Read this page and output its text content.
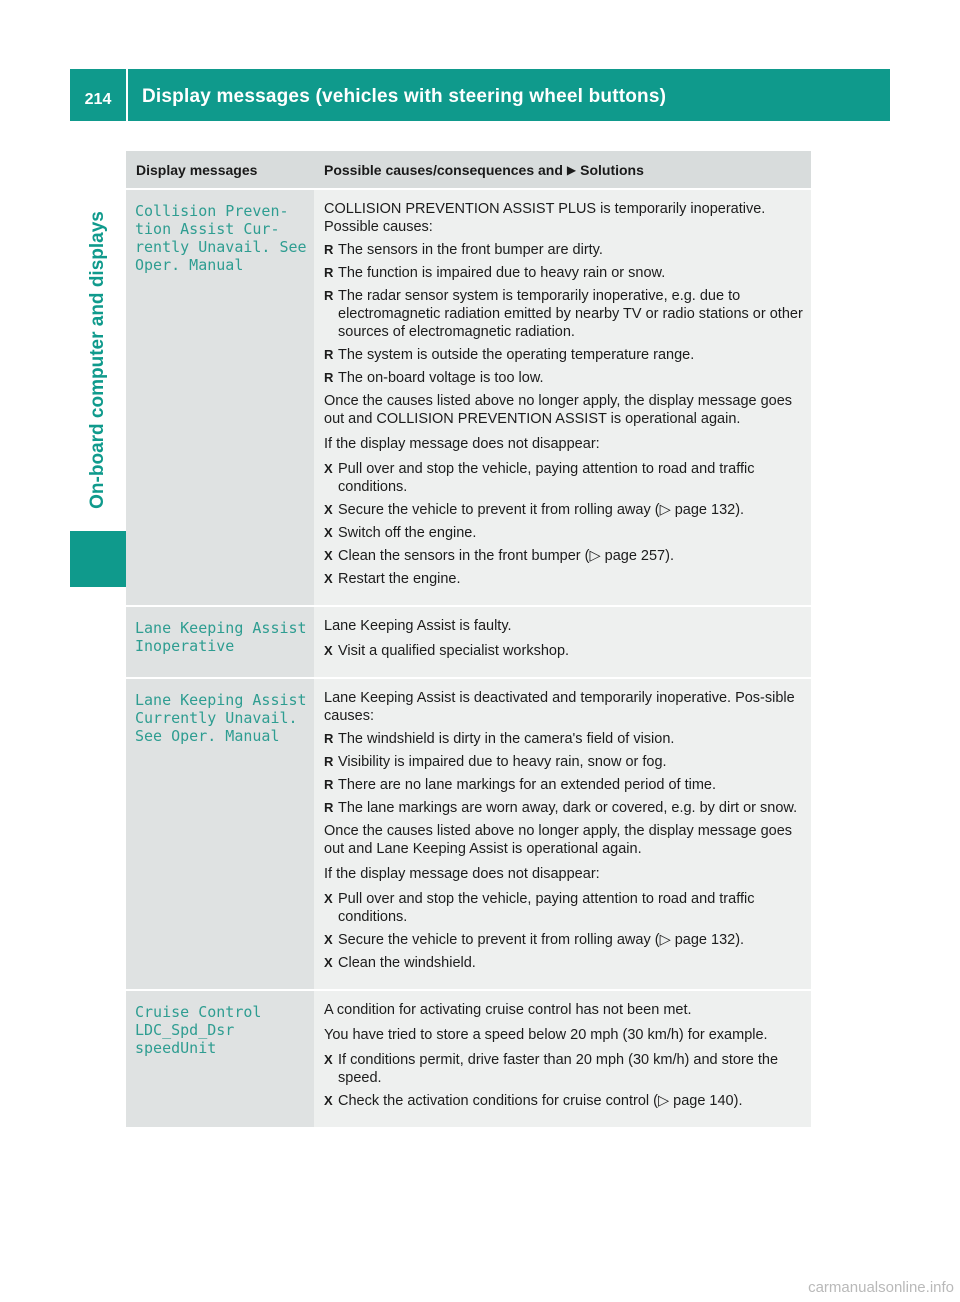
214	Display messages (vehicles with steering wheel buttons)
On-board computer and displays
Display messages	Possible causes/consequences and ▶ Solutions
Collision Preven-
tion Assist Cur-
rently Unavail. See
Oper. Manual
COLLISION PREVENTION ASSIST PLUS is temporarily inoperative. Possible causes:
R The sensors in the front bumper are dirty.
R The function is impaired due to heavy rain or snow.
R The radar sensor system is temporarily inoperative, e.g. due to electromagnetic radiation emitted by nearby TV or radio stations or other sources of electromagnetic radiation.
R The system is outside the operating temperature range.
R The on-board voltage is too low.
Once the causes listed above no longer apply, the display message goes out and COLLISION PREVENTION ASSIST is operational again.
If the display message does not disappear:
X Pull over and stop the vehicle, paying attention to road and traffic conditions.
X Secure the vehicle to prevent it from rolling away (▷ page 132).
X Switch off the engine.
X Clean the sensors in the front bumper (▷ page 257).
X Restart the engine.
Lane Keeping Assist
Inoperative
Lane Keeping Assist is faulty.
X Visit a qualified specialist workshop.
Lane Keeping Assist
Currently Unavail.
See Oper. Manual
Lane Keeping Assist is deactivated and temporarily inoperative. Pos-sible causes:
R The windshield is dirty in the camera's field of vision.
R Visibility is impaired due to heavy rain, snow or fog.
R There are no lane markings for an extended period of time.
R The lane markings are worn away, dark or covered, e.g. by dirt or snow.
Once the causes listed above no longer apply, the display message goes out and Lane Keeping Assist is operational again.
If the display message does not disappear:
X Pull over and stop the vehicle, paying attention to road and traffic conditions.
X Secure the vehicle to prevent it from rolling away (▷ page 132).
X Clean the windshield.
Cruise Control
LDC_Spd_Dsr
speedUnit
A condition for activating cruise control has not been met.
You have tried to store a speed below 20 mph (30 km/h) for example.
X If conditions permit, drive faster than 20 mph (30 km/h) and store the speed.
X Check the activation conditions for cruise control (▷ page 140).
carmanualsonline.info
